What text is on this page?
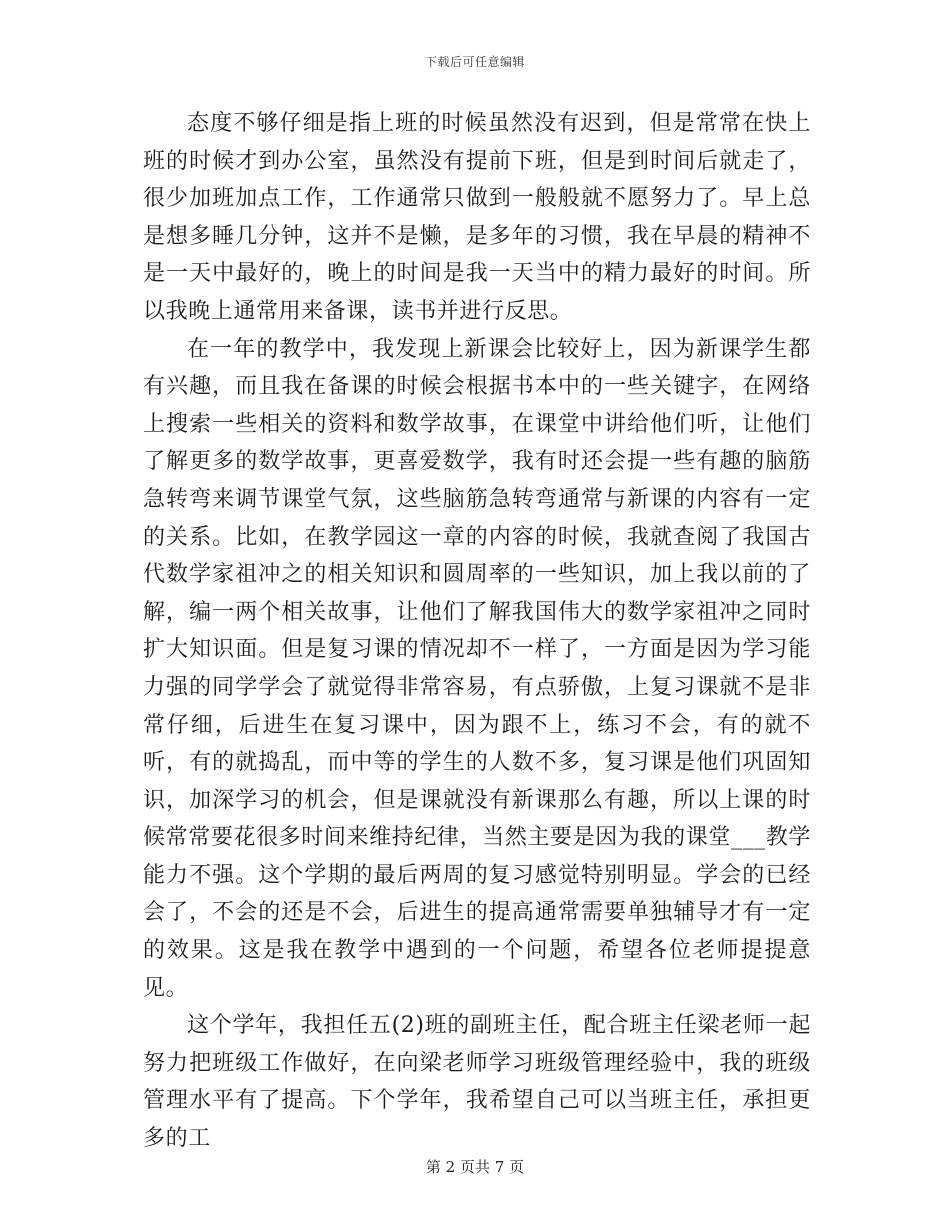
下载后可任意编辑

态度不够仔细是指上班的时候虽然没有迟到，但是常常在快上班的时候才到办公室，虽然没有提前下班，但是到时间后就走了，很少加班加点工作，工作通常只做到一般般就不愿努力了。早上总是想多睡几分钟，这并不是懒，是多年的习惯，我在早晨的精神不是一天中最好的，晚上的时间是我一天当中的精力最好的时间。所以我晚上通常用来备课，读书并进行反思。

在一年的教学中，我发现上新课会比较好上，因为新课学生都有兴趣，而且我在备课的时候会根据书本中的一些关键字，在网络上搜索一些相关的资料和数学故事，在课堂中讲给他们听，让他们了解更多的数学故事，更喜爱数学，我有时还会提一些有趣的脑筋急转弯来调节课堂气氛，这些脑筋急转弯通常与新课的内容有一定的关系。比如，在教学园这一章的内容的时候，我就查阅了我国古代数学家祖冲之的相关知识和圆周率的一些知识，加上我以前的了解，编一两个相关故事，让他们了解我国伟大的数学家祖冲之同时扩大知识面。但是复习课的情况却不一样了，一方面是因为学习能力强的同学学会了就觉得非常容易，有点骄傲，上复习课就不是非常仔细，后进生在复习课中，因为跟不上，练习不会，有的就不听，有的就捣乱，而中等的学生的人数不多，复习课是他们巩固知识，加深学习的机会，但是课就没有新课那么有趣，所以上课的时候常常要花很多时间来维持纪律，当然主要是因为我的课堂___教学能力不强。这个学期的最后两周的复习感觉特别明显。学会的已经会了，不会的还是不会，后进生的提高通常需要单独辅导才有一定的效果。这是我在教学中遇到的一个问题，希望各位老师提提意见。

这个学年，我担任五(2)班的副班主任，配合班主任梁老师一起努力把班级工作做好，在向梁老师学习班级管理经验中，我的班级管理水平有了提高。下个学年，我希望自己可以当班主任，承担更多的工

第 2 页共 7 页
